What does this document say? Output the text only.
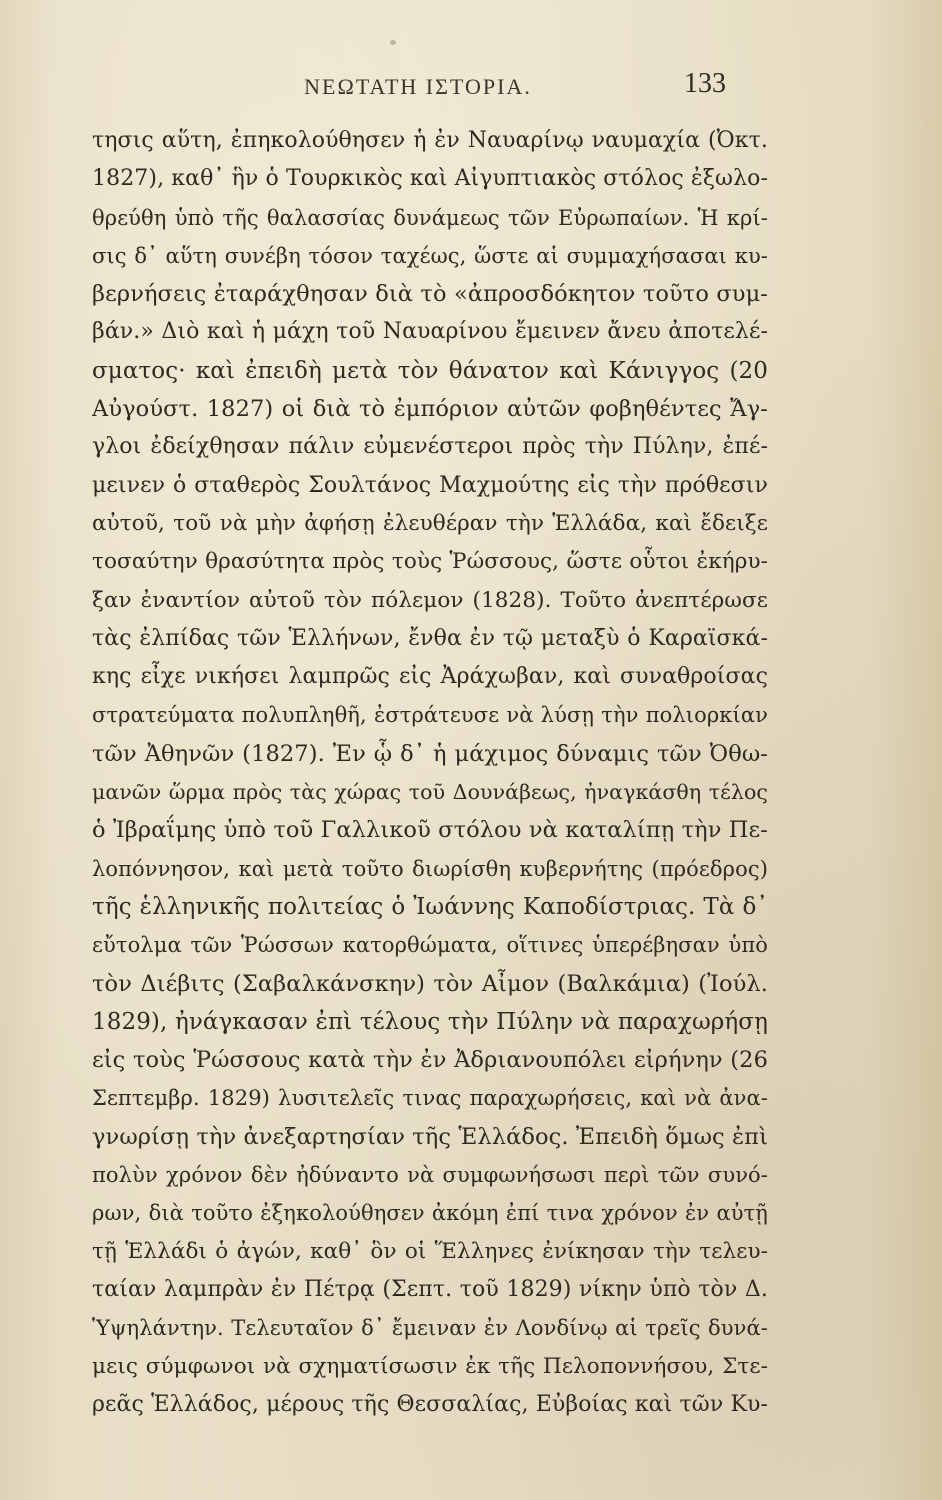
ΝΕΩΤΑΤΗ ΙΣΤΟΡΙΑ.	133
τησις αὕτη, ἐπηκολούθησεν ἡ ἐν Ναυαρίνῳ ναυμαχία (Ὀκτ.
1827), καθ᾽ ἣν ὁ Τουρκικὸς καὶ Αἰγυπτιακὸς στόλος ἐξωλο-
θρεύθη ὑπὸ τῆς θαλασσίας δυνάμεως τῶν Εὐρωπαίων. Ἡ κρί-
σις δ᾽ αὕτη συνέβη τόσον ταχέως, ὥστε αἱ συμμαχήσασαι κυ-
βερνήσεις ἐταράχθησαν διὰ τὸ «ἀπροσδόκητον τοῦτο συμ-
βάν.» Διὸ καὶ ἡ μάχη τοῦ Ναυαρίνου ἔμεινεν ἄνευ ἀποτελέ-
σματος· καὶ ἐπειδὴ μετὰ τὸν θάνατον καὶ Κάνιγγος (20
Αὐγούστ. 1827) οἱ διὰ τὸ ἐμπόριον αὐτῶν φοβηθέντες Ἄγ-
γλοι ἐδείχθησαν πάλιν εὐμενέστεροι πρὸς τὴν Πύλην, ἐπέ-
μεινεν ὁ σταθερὸς Σουλτάνος Μαχμούτης εἰς τὴν πρόθεσιν
αὐτοῦ, τοῦ νὰ μὴν ἀφήσῃ ἐλευθέραν τὴν Ἑλλάδα, καὶ ἔδειξε
τοσαύτην θρασύτητα πρὸς τοὺς Ῥώσσους, ὥστε οὗτοι ἐκήρυ-
ξαν ἐναντίον αὐτοῦ τὸν πόλεμον (1828). Τοῦτο ἀνεπτέρωσε
τὰς ἐλπίδας τῶν Ἑλλήνων, ἔνθα ἐν τῷ μεταξὺ ὁ Καραϊσκά-
κης εἶχε νικήσει λαμπρῶς εἰς Ἀράχωβαν, καὶ συναθροίσας
στρατεύματα πολυπληθῆ, ἐστράτευσε νὰ λύσῃ τὴν πολιορκίαν
τῶν Ἀθηνῶν (1827). Ἐν ᾧ δ᾽ ἡ μάχιμος δύναμις τῶν Ὀθω-
μανῶν ὥρμα πρὸς τὰς χώρας τοῦ Δουνάβεως, ἠναγκάσθη τέλος
ὁ Ἰβραΐμης ὑπὸ τοῦ Γαλλικοῦ στόλου νὰ καταλίπῃ τὴν Πε-
λοπόννησον, καὶ μετὰ τοῦτο διωρίσθη κυβερνήτης (πρόεδρος)
τῆς ἑλληνικῆς πολιτείας ὁ Ἰωάννης Καποδίστριας. Τὰ δ᾽
εὔτολμα τῶν Ῥώσσων κατορθώματα, οἵτινες ὑπερέβησαν ὑπὸ
τὸν Διέβιτς (Σαβαλκάνσκην) τὸν Αἶμον (Βαλκάμια) (Ἰούλ.
1829), ἠνάγκασαν ἐπὶ τέλους τὴν Πύλην νὰ παραχωρήσῃ
εἰς τοὺς Ῥώσσους κατὰ τὴν ἐν Ἀδριανουπόλει εἰρήνην (26
Σεπτεμβρ. 1829) λυσιτελεῖς τινας παραχωρήσεις, καὶ νὰ ἀνα-
γνωρίσῃ τὴν ἀνεξαρτησίαν τῆς Ἑλλάδος. Ἐπειδὴ ὅμως ἐπὶ
πολὺν χρόνον δὲν ἠδύναντο νὰ συμφωνήσωσι περὶ τῶν συνό-
ρων, διὰ τοῦτο ἐξηκολούθησεν ἀκόμη ἐπί τινα χρόνον ἐν αὐτῇ
τῇ Ἑλλάδι ὁ ἀγών, καθ᾽ ὃν οἱ Ἕλληνες ἐνίκησαν τὴν τελευ-
ταίαν λαμπρὰν ἐν Πέτρᾳ (Σεπτ. τοῦ 1829) νίκην ὑπὸ τὸν Δ.
Ὑψηλάντην. Τελευταῖον δ᾽ ἔμειναν ἐν Λονδίνῳ αἱ τρεῖς δυνά-
μεις σύμφωνοι νὰ σχηματίσωσιν ἐκ τῆς Πελοποννήσου, Στε-
ρεᾶς Ἑλλάδος, μέρους τῆς Θεσσαλίας, Εὐβοίας καὶ τῶν Κυ-
